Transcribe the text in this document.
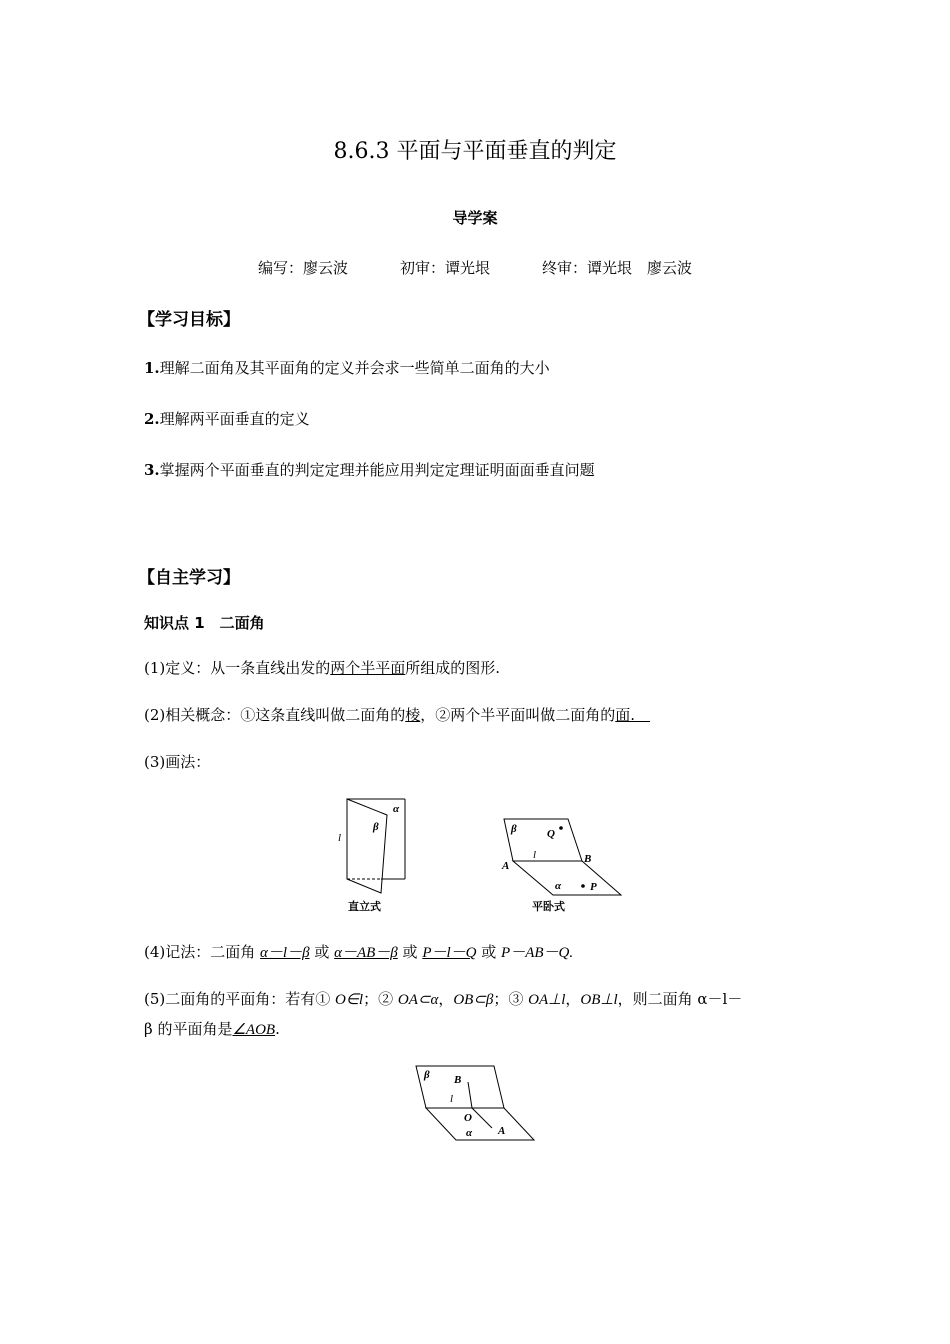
8.6.3 平面与平面垂直的判定
导学案
编写：廖云波	初审：谭光垠	终审：谭光垠　廖云波
【学习目标】
1.理解二面角及其平面角的定义并会求一些简单二面角的大小
2.理解两平面垂直的定义
3.掌握两个平面垂直的判定定理并能应用判定定理证明面面垂直问题
【自主学习】
知识点 1　二面角
(1)定义：从一条直线出发的两个半平面所组成的图形.
(2)相关概念：①这条直线叫做二面角的棱，②两个半平面叫做二面角的面.　
(3)画法：
α
β
l
直立式
β	Q
l
A
B
α	P
平卧式
(4)记法：二面角 α－l－β 或 α－AB－β 或 P－l－Q 或 P－AB－Q.
(5)二面角的平面角：若有① O∈l；② OA⊂α，OB⊂β；③ OA⊥l，OB⊥l，则二面角 α－l－
β 的平面角是∠AOB.
β B
l
O
α A
